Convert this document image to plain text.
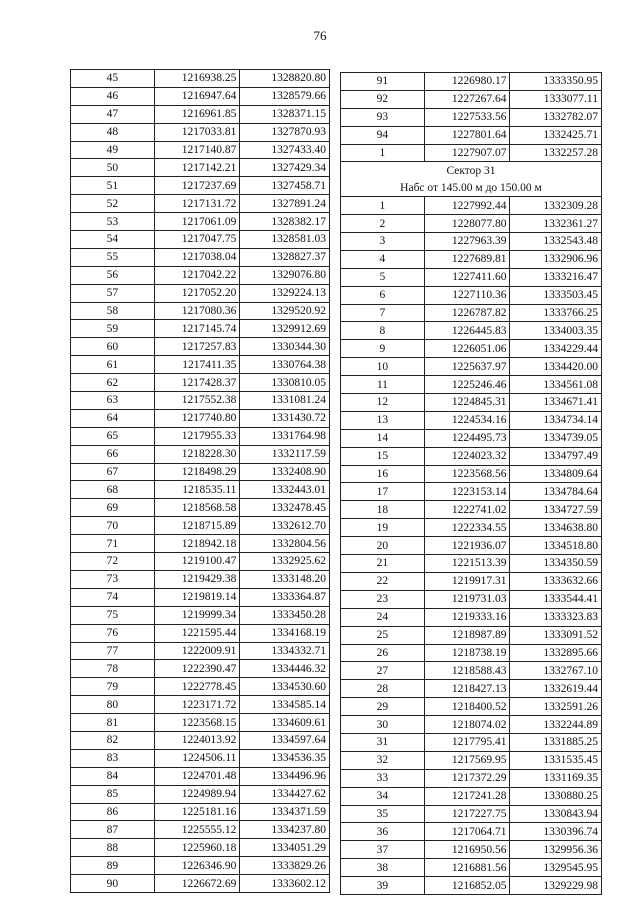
76
45	1216938.25	1328820.80
46	1216947.64	1328579.66
47	1216961.85	1328371.15
48	1217033.81	1327870.93
49	1217140.87	1327433.40
50	1217142.21	1327429.34
51	1217237.69	1327458.71
52	1217131.72	1327891.24
53	1217061.09	1328382.17
54	1217047.75	1328581.03
55	1217038.04	1328827.37
56	1217042.22	1329076.80
57	1217052.20	1329224.13
58	1217080.36	1329520.92
59	1217145.74	1329912.69
60	1217257.83	1330344.30
61	1217411.35	1330764.38
62	1217428.37	1330810.05
63	1217552.38	1331081.24
64	1217740.80	1331430.72
65	1217955.33	1331764.98
66	1218228.30	1332117.59
67	1218498.29	1332408.90
68	1218535.11	1332443.01
69	1218568.58	1332478.45
70	1218715.89	1332612.70
71	1218942.18	1332804.56
72	1219100.47	1332925.62
73	1219429.38	1333148.20
74	1219819.14	1333364.87
75	1219999.34	1333450.28
76	1221595.44	1334168.19
77	1222009.91	1334332.71
78	1222390.47	1334446.32
79	1222778.45	1334530.60
80	1223171.72	1334585.14
81	1223568.15	1334609.61
82	1224013.92	1334597.64
83	1224506.11	1334536.35
84	1224701.48	1334496.96
85	1224989.94	1334427.62
86	1225181.16	1334371.59
87	1225555.12	1334237.80
88	1225960.18	1334051.29
89	1226346.90	1333829.26
90	1226672.69	1333602.12
91	1226980.17	1333350.95
92	1227267.64	1333077.11
93	1227533.56	1332782.07
94	1227801.64	1332425.71
1	1227907.07	1332257.28
Сектор 31		
Набс от 145.00 м до 150.00 м		
1	1227992.44	1332309.28
2	1228077.80	1332361.27
3	1227963.39	1332543.48
4	1227689.81	1332906.96
5	1227411.60	1333216.47
6	1227110.36	1333503.45
7	1226787.82	1333766.25
8	1226445.83	1334003.35
9	1226051.06	1334229.44
10	1225637.97	1334420.00
11	1225246.46	1334561.08
12	1224845.31	1334671.41
13	1224534.16	1334734.14
14	1224495.73	1334739.05
15	1224023.32	1334797.49
16	1223568.56	1334809.64
17	1223153.14	1334784.64
18	1222741.02	1334727.59
19	1222334.55	1334638.80
20	1221936.07	1334518.80
21	1221513.39	1334350.59
22	1219917.31	1333632.66
23	1219731.03	1333544.41
24	1219333.16	1333323.83
25	1218987.89	1333091.52
26	1218738.19	1332895.66
27	1218588.43	1332767.10
28	1218427.13	1332619.44
29	1218400.52	1332591.26
30	1218074.02	1332244.89
31	1217795.41	1331885.25
32	1217569.95	1331535.45
33	1217372.29	1331169.35
34	1217241.28	1330880.25
35	1217227.75	1330843.94
36	1217064.71	1330396.74
37	1216950.56	1329956.36
38	1216881.56	1329545.95
39	1216852.05	1329229.98
